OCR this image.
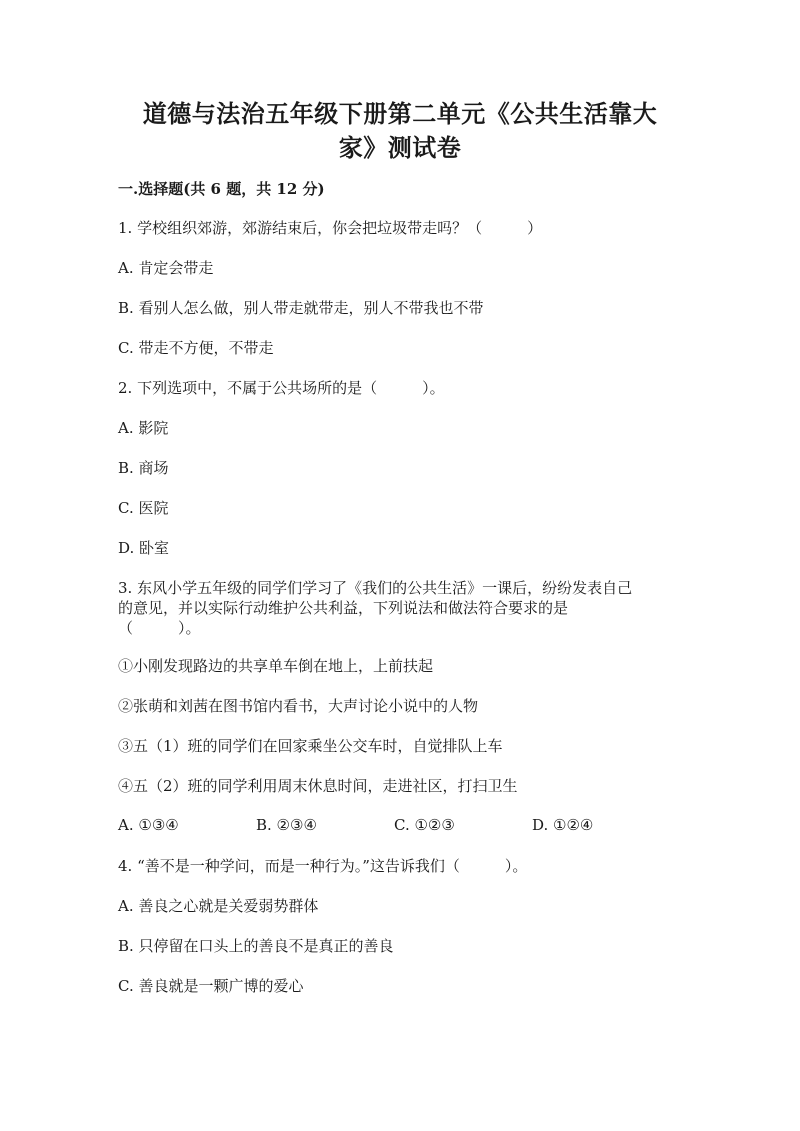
道德与法治五年级下册第二单元《公共生活靠大
家》测试卷
一.选择题(共 6 题，共 12 分)
1. 学校组织郊游，郊游结束后，你会把垃圾带走吗？（　　　）
A. 肯定会带走
B. 看别人怎么做，别人带走就带走，别人不带我也不带
C. 带走不方便，不带走
2. 下列选项中，不属于公共场所的是（　　　）。
A. 影院
B. 商场
C. 医院
D. 卧室
3. 东风小学五年级的同学们学习了《我们的公共生活》一课后，纷纷发表自己
的意见，并以实际行动维护公共利益，下列说法和做法符合要求的是
（　　　）。
①小刚发现路边的共享单车倒在地上，上前扶起
②张萌和刘茜在图书馆内看书，大声讨论小说中的人物
③五（1）班的同学们在回家乘坐公交车时，自觉排队上车
④五（2）班的同学利用周末休息时间，走进社区，打扫卫生
A. ①③④	B. ②③④	C. ①②③	D. ①②④
4. “善不是一种学问，而是一种行为。”这告诉我们（　　　）。
A. 善良之心就是关爱弱势群体
B. 只停留在口头上的善良不是真正的善良
C. 善良就是一颗广博的爱心
